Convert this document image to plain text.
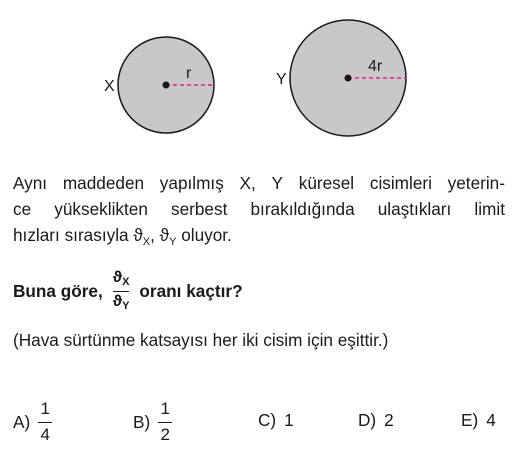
X
r	Y
4r
Aynı maddeden yapılmış X, Y küresel cisimleri yeterin-
ce yükseklikten serbest bırakıldığında ulaştıkları limit
hızları sırasıyla $ϑ_X$ , $ϑ_Y$ oluyor.
Buna göre, $\frac{ϑ_X}{ϑ_Y}$ oranı kaçtır?
(Hava sürtünme katsayısı her iki cisim için eşittir.)
A)
1
4
B)
1
2
C) 1	D) 2	E) 4
